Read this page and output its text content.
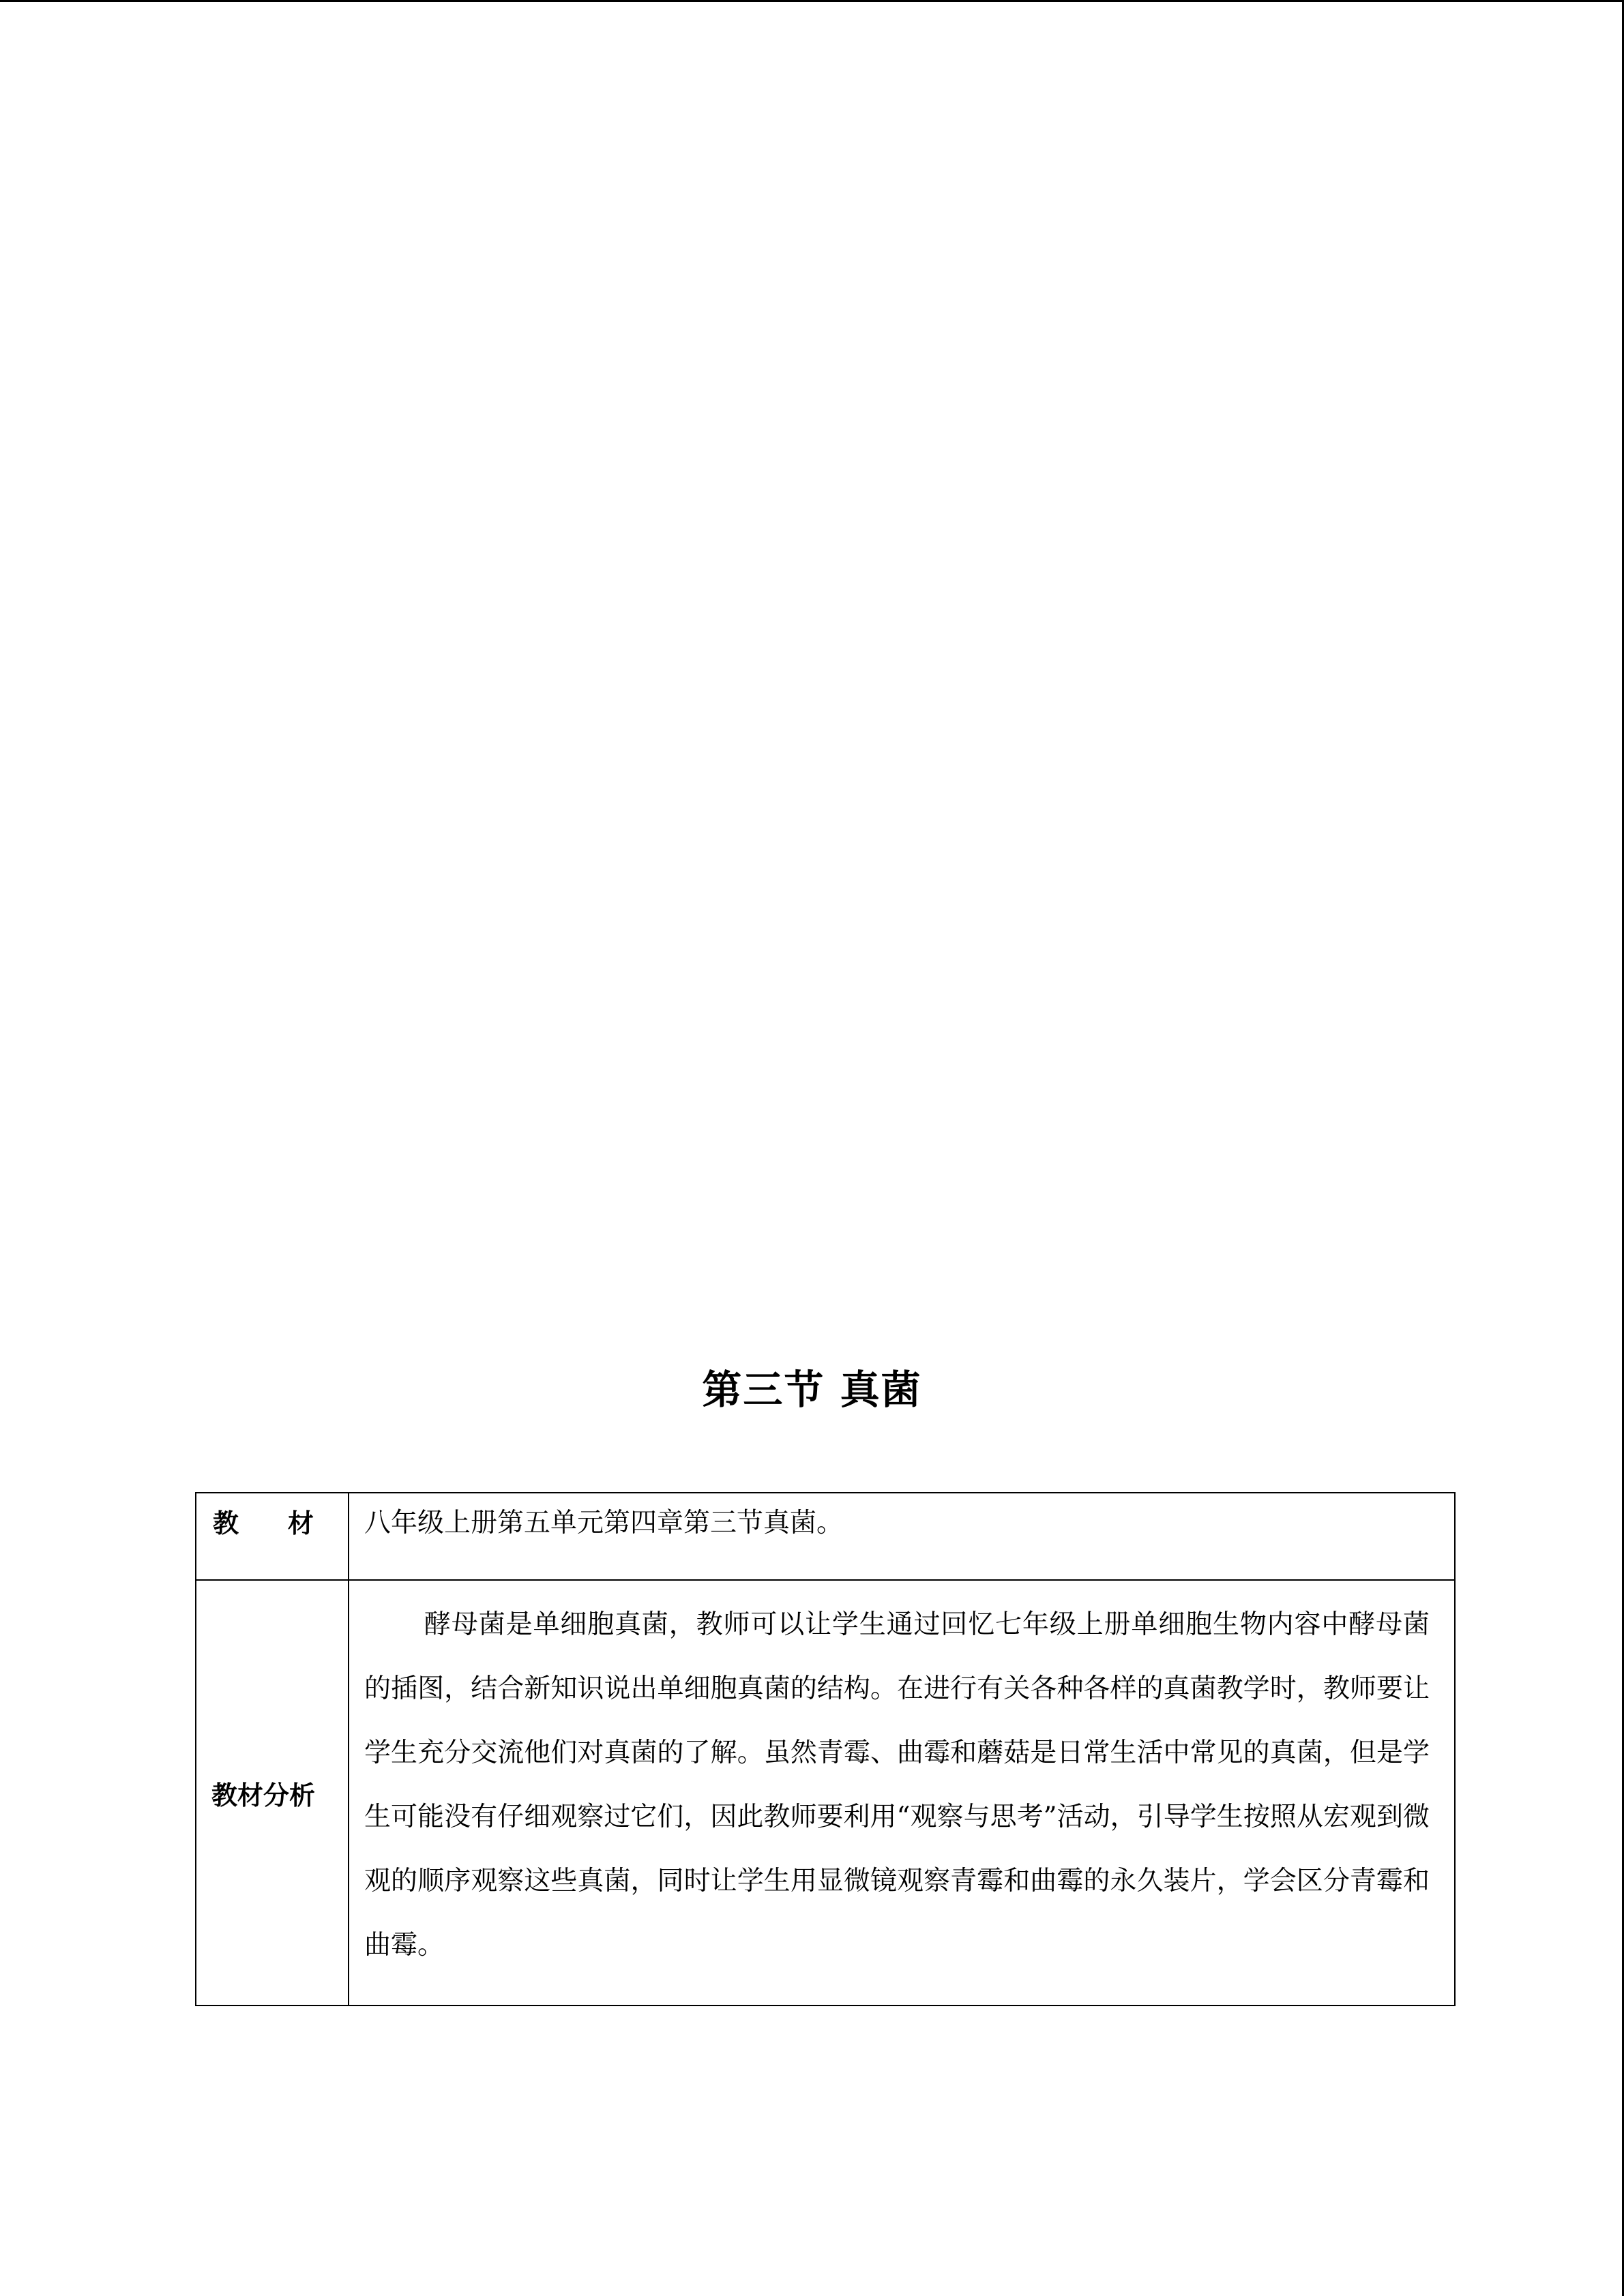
第三节 真菌
教 材	八年级上册第五单元第四章第三节真菌。
教材分析	酵母菌是单细胞真菌，教师可以让学生通过回忆七年级上册单细胞生物内容中酵母菌的插图，结合新知识说出单细胞真菌的结构。在进行有关各种各样的真菌教学时，教师要让学生充分交流他们对真菌的了解。虽然青霉、曲霉和蘑菇是日常生活中常见的真菌，但是学生可能没有仔细观察过它们，因此教师要利用“观察与思考”活动，引导学生按照从宏观到微观的顺序观察这些真菌，同时让学生用显微镜观察青霉和曲霉的永久装片，学会区分青霉和曲霉。
